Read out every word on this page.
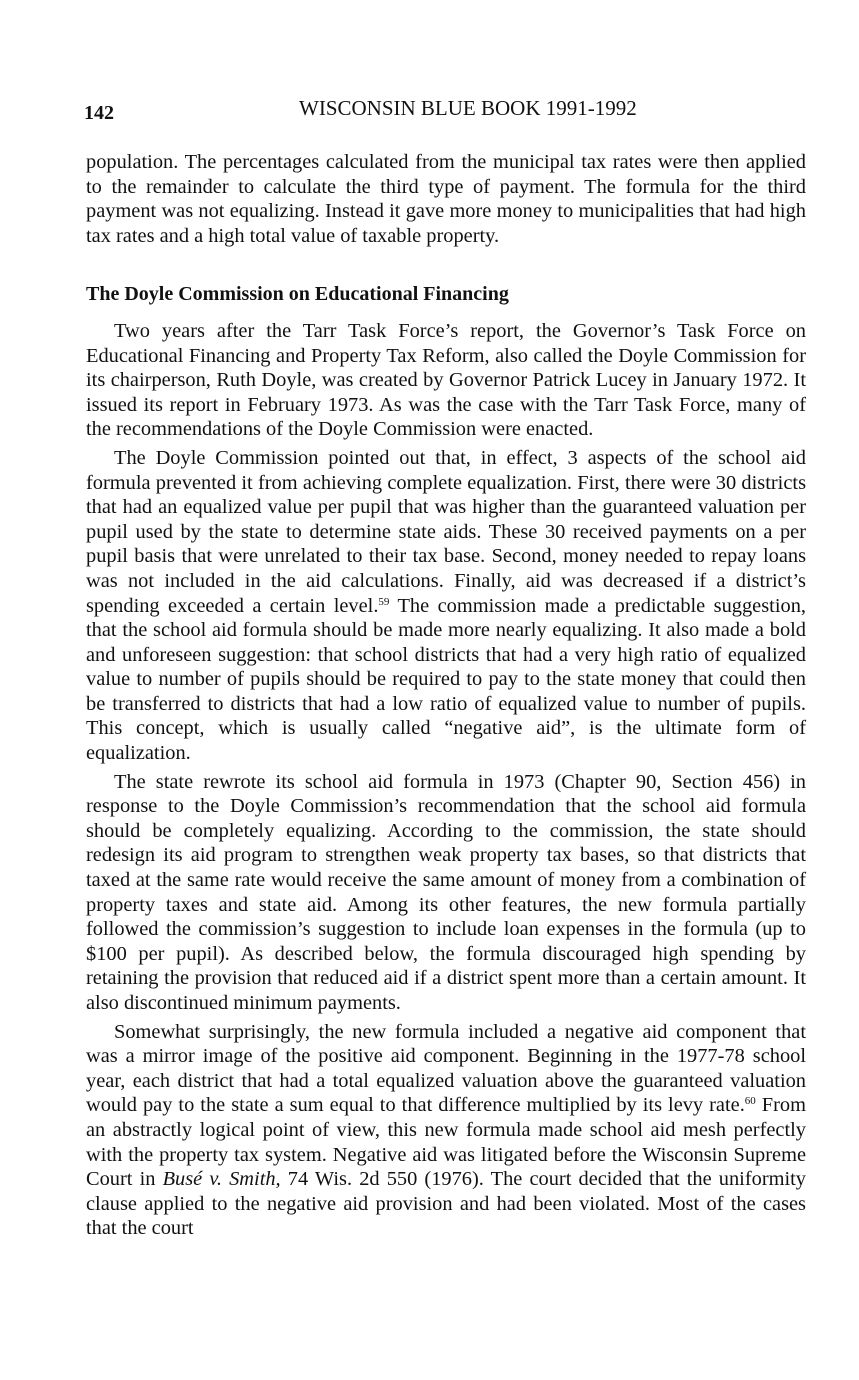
142	WISCONSIN BLUE BOOK 1991-1992

population. The percentages calculated from the municipal tax rates were then applied to the remainder to calculate the third type of payment. The formula for the third payment was not equalizing. Instead it gave more money to municipalities that had high tax rates and a high total value of taxable property.

The Doyle Commission on Educational Financing

Two years after the Tarr Task Force’s report, the Governor’s Task Force on Educational Financing and Property Tax Reform, also called the Doyle Commission for its chairperson, Ruth Doyle, was created by Governor Patrick Lucey in January 1972. It issued its report in February 1973. As was the case with the Tarr Task Force, many of the recommendations of the Doyle Commission were enacted.

The Doyle Commission pointed out that, in effect, 3 aspects of the school aid formula prevented it from achieving complete equalization. First, there were 30 districts that had an equalized value per pupil that was higher than the guaranteed valuation per pupil used by the state to determine state aids. These 30 received payments on a per pupil basis that were unrelated to their tax base. Second, money needed to repay loans was not included in the aid calculations. Finally, aid was decreased if a district’s spending exceeded a certain level.$^{59}$ The commission made a predictable suggestion, that the school aid formula should be made more nearly equalizing. It also made a bold and unforeseen suggestion: that school districts that had a very high ratio of equalized value to number of pupils should be required to pay to the state money that could then be transferred to districts that had a low ratio of equalized value to number of pupils. This concept, which is usually called “negative aid”, is the ultimate form of equalization.

The state rewrote its school aid formula in 1973 (Chapter 90, Section 456) in response to the Doyle Commission’s recommendation that the school aid formula should be completely equalizing. According to the commission, the state should redesign its aid program to strengthen weak property tax bases, so that districts that taxed at the same rate would receive the same amount of money from a combination of property taxes and state aid. Among its other features, the new formula partially followed the commission’s suggestion to include loan expenses in the formula (up to $100 per pupil). As described below, the formula discouraged high spending by retaining the provision that reduced aid if a district spent more than a certain amount. It also discontinued minimum payments.

Somewhat surprisingly, the new formula included a negative aid component that was a mirror image of the positive aid component. Beginning in the 1977-78 school year, each district that had a total equalized valuation above the guaranteed valuation would pay to the state a sum equal to that difference multiplied by its levy rate.$^{60}$ From an abstractly logical point of view, this new formula made school aid mesh perfectly with the property tax system. Negative aid was litigated before the Wisconsin Supreme Court in Busé v. Smith, 74 Wis. 2d 550 (1976). The court decided that the uniformity clause applied to the negative aid provision and had been violated. Most of the cases that the court
